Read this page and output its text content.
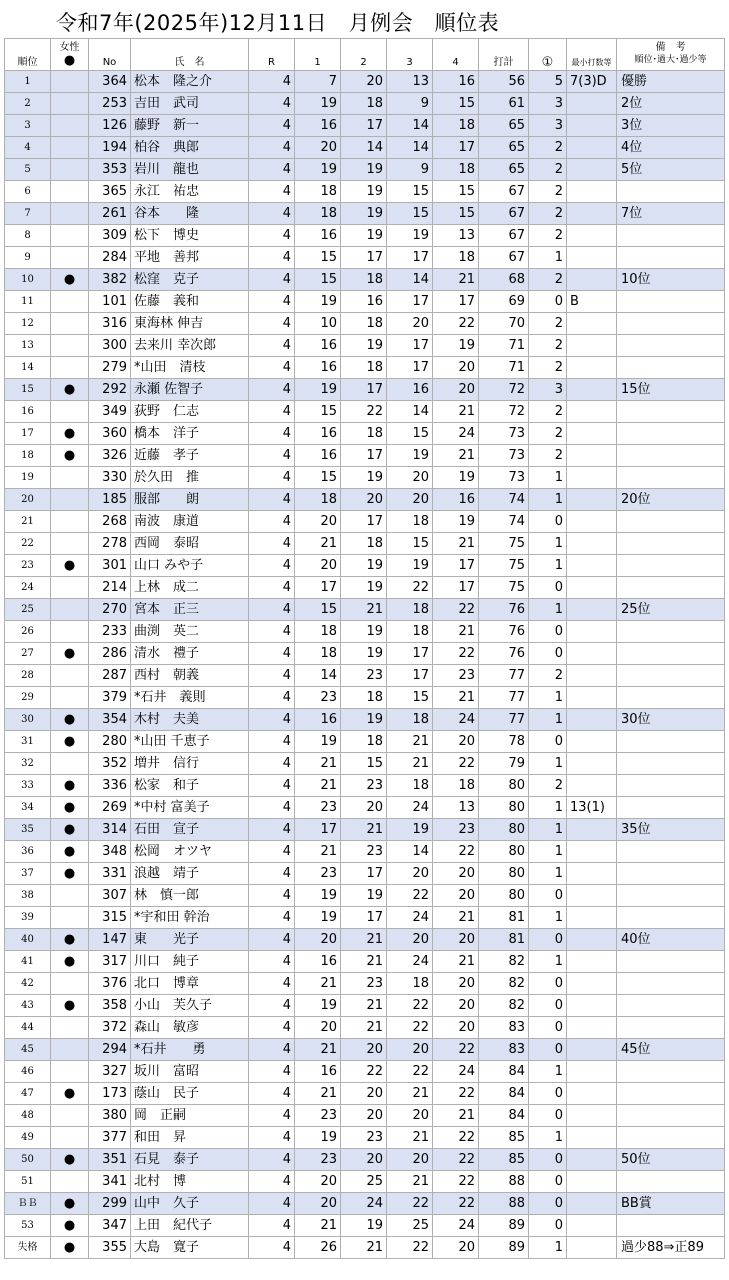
令和7年(2025年)12月11日　月例会　順位表
順位	女性
●	No	氏　名	R	1	2	3	4	打計	①	最小打数等	備　考
順位･過大･過少等

1		364	松本　隆之介	4	7	20	13	16	56	5	7(3)D	優勝
2		253	吉田　武司	4	19	18	9	15	61	3		2位
3		126	藤野　新一	4	16	17	14	18	65	3		3位
4		194	柏谷　典郎	4	20	14	14	17	65	2		4位
5		353	岩川　龍也	4	19	19	9	18	65	2		5位
6		365	永江　祐忠	4	18	19	15	15	67	2		
7		261	谷本　　隆	4	18	19	15	15	67	2		7位
8		309	松下　博史	4	16	19	19	13	67	2		
9		284	平地　善邦	4	15	17	17	18	67	1		
10	●	382	松窪　克子	4	15	18	14	21	68	2		10位
11		101	佐藤　義和	4	19	16	17	17	69	0	B	
12		316	東海林 伸吉	4	10	18	20	22	70	2		
13		300	去来川 幸次郎	4	16	19	17	19	71	2		
14		279	*山田　清枝	4	16	18	17	20	71	2		
15	●	292	永瀬 佐智子	4	19	17	16	20	72	3		15位
16		349	荻野　仁志	4	15	22	14	21	72	2		
17	●	360	橋本　洋子	4	16	18	15	24	73	2		
18	●	326	近藤　孝子	4	16	17	19	21	73	2		
19		330	於久田　推	4	15	19	20	19	73	1		
20		185	服部　　朗	4	18	20	20	16	74	1		20位
21		268	南波　康道	4	20	17	18	19	74	0		
22		278	西岡　泰昭	4	21	18	15	21	75	1		
23	●	301	山口 みや子	4	20	19	19	17	75	1		
24		214	上林　成二	4	17	19	22	17	75	0		
25		270	宮本　正三	4	15	21	18	22	76	1		25位
26		233	曲渕　英二	4	18	19	18	21	76	0		
27	●	286	清水　禮子	4	18	19	17	22	76	0		
28		287	西村　朝義	4	14	23	17	23	77	2		
29		379	*石井　義則	4	23	18	15	21	77	1		
30	●	354	木村　夫美	4	16	19	18	24	77	1		30位
31	●	280	*山田 千恵子	4	19	18	21	20	78	0		
32		352	増井　信行	4	21	15	21	22	79	1		
33	●	336	松家　和子	4	21	23	18	18	80	2		
34	●	269	*中村 富美子	4	23	20	24	13	80	1	13(1)	
35	●	314	石田　宣子	4	17	21	19	23	80	1		35位
36	●	348	松岡　オツヤ	4	21	23	14	22	80	1		
37	●	331	浪越　靖子	4	23	17	20	20	80	1		
38		307	林　慎一郎	4	19	19	22	20	80	0		
39		315	*宇和田 幹治	4	19	17	24	21	81	1		
40	●	147	東　　光子	4	20	21	20	20	81	0		40位
41	●	317	川口　純子	4	16	21	24	21	82	1		
42		376	北口　博章	4	21	23	18	20	82	0		
43	●	358	小山　芙久子	4	19	21	22	20	82	0		
44		372	森山　敏彦	4	20	21	22	20	83	0		
45		294	*石井　　勇	4	21	20	20	22	83	0		45位
46		327	坂川　富昭	4	16	22	22	24	84	1		
47	●	173	蔭山　民子	4	21	20	21	22	84	0		
48		380	岡　正嗣	4	23	20	20	21	84	0		
49		377	和田　昇	4	19	23	21	22	85	1		
50	●	351	石見　泰子	4	23	20	20	22	85	0		50位
51		341	北村　博	4	20	25	21	22	88	0		
ＢＢ	●	299	山中　久子	4	20	24	22	22	88	0		BB賞
53	●	347	上田　紀代子	4	21	19	25	24	89	0		
失格	●	355	大島　寛子	4	26	21	22	20	89	1		過少88⇒正89
